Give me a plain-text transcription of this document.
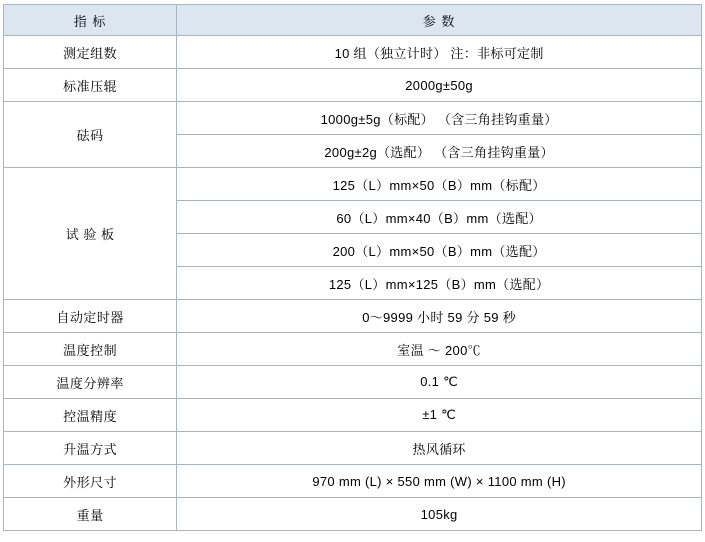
指 标	参 数
测定组数	10 组（独立计时） 注：非标可定制
标准压辊	2000g±50g
砝码	1000g±5g（标配） （含三角挂钩重量）
	200g±2g（选配） （含三角挂钩重量）
试 验 板	125（L）mm×50（B）mm（标配）
	60（L）mm×40（B）mm（选配）
	200（L）mm×50（B）mm（选配）
	125（L）mm×125（B）mm（选配）
自动定时器	0～9999 小时 59 分 59 秒
温度控制	室温 ～ 200℃
温度分辨率	0.1 ℃
控温精度	±1 ℃
升温方式	热风循环
外形尺寸	970 mm (L) × 550 mm (W) × 1100 mm (H)
重量	105kg
